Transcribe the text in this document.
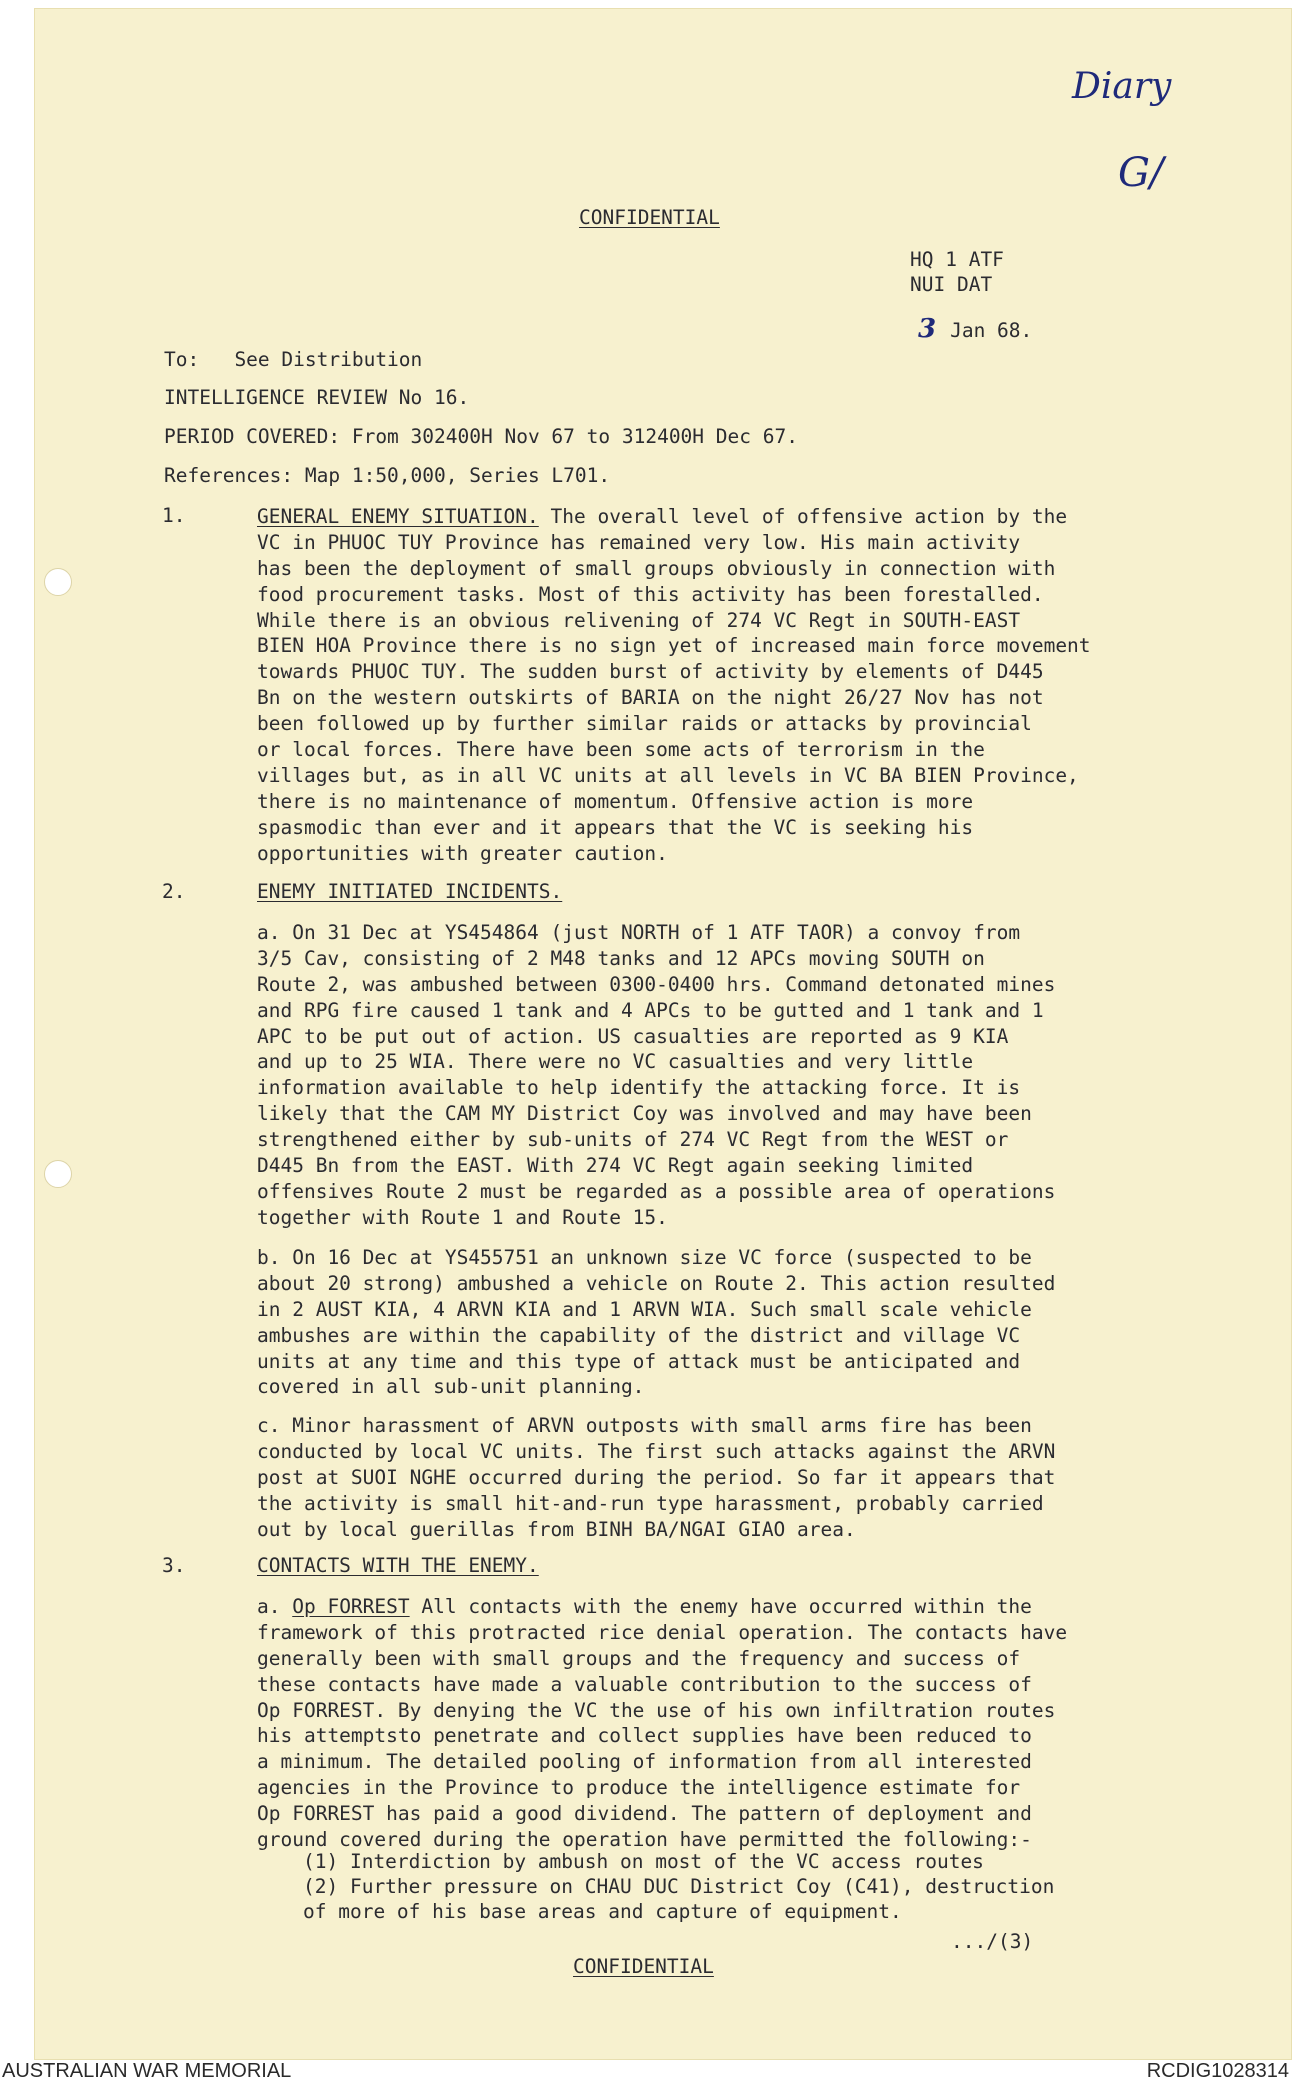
Diary
G/
CONFIDENTIAL
HQ 1 ATF
NUI DAT

3 Jan 68.

To:   See Distribution
INTELLIGENCE REVIEW No 16.
PERIOD COVERED: From 302400H Nov 67 to 312400H Dec 67.
References: Map 1:50,000, Series L701.
1.	GENERAL ENEMY SITUATION. The overall level of offensive action by the
VC in PHUOC TUY Province has remained very low. His main activity
has been the deployment of small groups obviously in connection with
food procurement tasks. Most of this activity has been forestalled.
While there is an obvious relivening of 274 VC Regt in SOUTH-EAST
BIEN HOA Province there is no sign yet of increased main force movement
towards PHUOC TUY. The sudden burst of activity by elements of D445
Bn on the western outskirts of BARIA on the night 26/27 Nov has not
been followed up by further similar raids or attacks by provincial
or local forces. There have been some acts of terrorism in the
villages but, as in all VC units at all levels in VC BA BIEN Province,
there is no maintenance of momentum. Offensive action is more
spasmodic than ever and it appears that the VC is seeking his
opportunities with greater caution.
2.	ENEMY INITIATED INCIDENTS.
a. On 31 Dec at YS454864 (just NORTH of 1 ATF TAOR) a convoy from
3/5 Cav, consisting of 2 M48 tanks and 12 APCs moving SOUTH on
Route 2, was ambushed between 0300-0400 hrs. Command detonated mines
and RPG fire caused 1 tank and 4 APCs to be gutted and 1 tank and 1
APC to be put out of action. US casualties are reported as 9 KIA
and up to 25 WIA. There were no VC casualties and very little
information available to help identify the attacking force. It is
likely that the CAM MY District Coy was involved and may have been
strengthened either by sub-units of 274 VC Regt from the WEST or
D445 Bn from the EAST. With 274 VC Regt again seeking limited
offensives Route 2 must be regarded as a possible area of operations
together with Route 1 and Route 15.
b. On 16 Dec at YS455751 an unknown size VC force (suspected to be
about 20 strong) ambushed a vehicle on Route 2. This action resulted
in 2 AUST KIA, 4 ARVN KIA and 1 ARVN WIA. Such small scale vehicle
ambushes are within the capability of the district and village VC
units at any time and this type of attack must be anticipated and
covered in all sub-unit planning.
c. Minor harassment of ARVN outposts with small arms fire has been
conducted by local VC units. The first such attacks against the ARVN
post at SUOI NGHE occurred during the period. So far it appears that
the activity is small hit-and-run type harassment, probably carried
out by local guerillas from BINH BA/NGAI GIAO area.
3.	CONTACTS WITH THE ENEMY.
a. Op FORREST All contacts with the enemy have occurred within the
framework of this protracted rice denial operation. The contacts have
generally been with small groups and the frequency and success of
these contacts have made a valuable contribution to the success of
Op FORREST. By denying the VC the use of his own infiltration routes
his attemptsto penetrate and collect supplies have been reduced to
a minimum. The detailed pooling of information from all interested
agencies in the Province to produce the intelligence estimate for
Op FORREST has paid a good dividend. The pattern of deployment and
ground covered during the operation have permitted the following:-
(1) Interdiction by ambush on most of the VC access routes
(2) Further pressure on CHAU DUC District Coy (C41), destruction
of more of his base areas and capture of equipment.
.../(3)
CONFIDENTIAL
AUSTRALIAN WAR MEMORIAL	RCDIG1028314
